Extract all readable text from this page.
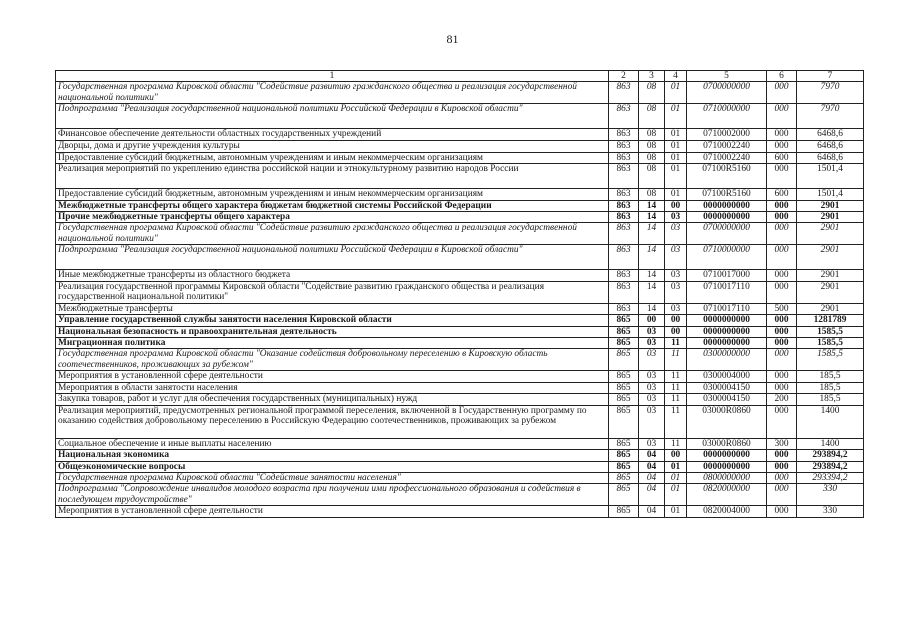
81
1	2	3	4	5	6	7
Государственная программа Кировской области "Содействие развитию гражданского общества и реализация государственной национальной политики"	863	08	01	0700000000	000	7970
Подпрограмма "Реализация государственной национальной политики Российской Федерации в Кировской области"	863	08	01	0710000000	000	7970
Финансовое обеспечение деятельности областных государственных учреждений	863	08	01	0710002000	000	6468,6
Дворцы, дома и другие учреждения культуры	863	08	01	0710002240	000	6468,6
Предоставление субсидий бюджетным, автономным учреждениям и иным некоммерческим организациям	863	08	01	0710002240	600	6468,6
Реализация мероприятий по укреплению единства российской нации и этнокультурному развитию народов России	863	08	01	07100R5160	000	1501,4
Предоставление субсидий бюджетным, автономным учреждениям и иным некоммерческим организациям	863	08	01	07100R5160	600	1501,4
Межбюджетные трансферты общего характера бюджетам бюджетной системы Российской Федерации	863	14	00	0000000000	000	2901
Прочие межбюджетные трансферты общего характера	863	14	03	0000000000	000	2901
Государственная программа Кировской области "Содействие развитию гражданского общества и реализация государственной национальной политики"	863	14	03	0700000000	000	2901
Подпрограмма "Реализация государственной национальной политики Российской Федерации в Кировской области"	863	14	03	0710000000	000	2901
Иные межбюджетные трансферты из областного бюджета	863	14	03	0710017000	000	2901
Реализация государственной программы Кировской области "Содействие развитию гражданского общества и реализация государственной национальной политики"	863	14	03	0710017110	000	2901
Межбюджетные трансферты	863	14	03	0710017110	500	2901
Управление государственной службы занятости населения Кировской области	865	00	00	0000000000	000	1281789
Национальная безопасность и правоохранительная деятельность	865	03	00	0000000000	000	1585,5
Миграционная политика	865	03	11	0000000000	000	1585,5
Государственная программа Кировской области "Оказание содействия добровольному переселению в Кировскую область соотечественников, проживающих за рубежом"	865	03	11	0300000000	000	1585,5
Мероприятия в установленной сфере деятельности	865	03	11	0300004000	000	185,5
Мероприятия в области занятости населения	865	03	11	0300004150	000	185,5
Закупка товаров, работ и услуг для обеспечения государственных (муниципальных) нужд	865	03	11	0300004150	200	185,5
Реализация мероприятий, предусмотренных региональной программой переселения, включенной в Государственную программу по оказанию содействия добровольному переселению в Российскую Федерацию соотечественников, проживающих за рубежом	865	03	11	03000R0860	000	1400
Социальное обеспечение и иные выплаты населению	865	03	11	03000R0860	300	1400
Национальная экономика	865	04	00	0000000000	000	293894,2
Общеэкономические вопросы	865	04	01	0000000000	000	293894,2
Государственная программа Кировской области "Содействие занятости населения"	865	04	01	0800000000	000	293394,2
Подпрограмма "Сопровождение инвалидов молодого возраста при получении ими профессионального образования и содействия в последующем трудоустройстве"	865	04	01	0820000000	000	330
Мероприятия в установленной сфере деятельности	865	04	01	0820004000	000	330
